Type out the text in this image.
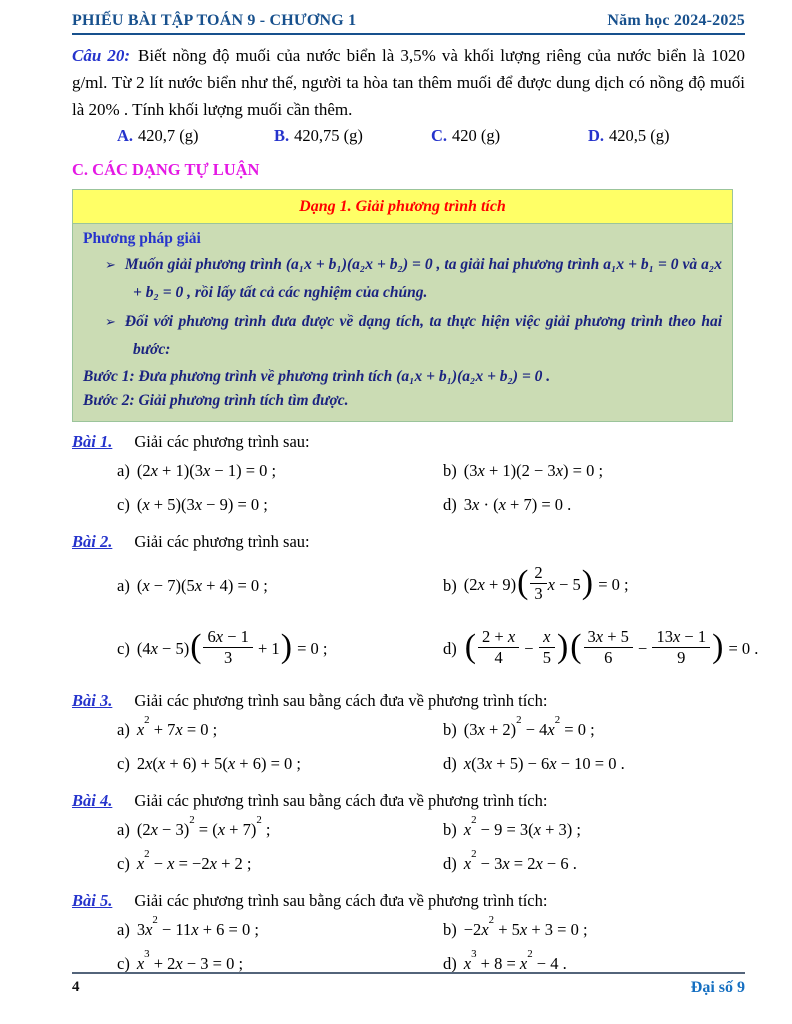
PHIẾU BÀI TẬP TOÁN 9 - CHƯƠNG 1	Năm học 2024-2025

Câu 20: Biết nồng độ muối của nước biển là 3,5% và khối lượng riêng của nước biển là 1020 g/ml. Từ 2 lít nước biển như thế, người ta hòa tan thêm muối để được dung dịch có nồng độ muối là 20% . Tính khối lượng muối cần thêm.

A. 420,7 (g)	B. 420,75 (g)	C. 420 (g)	D. 420,5 (g)
C. CÁC DẠNG TỰ LUẬN
Dạng 1. Giải phương trình tích
Phương pháp giải
➢ Muốn giải phương trình (a₁x + b₁)(a₂x + b₂) = 0 , ta giải hai phương trình a₁x + b₁ = 0 và a₂x + b₂ = 0 , rồi lấy tất cả các nghiệm của chúng.
➢ Đối với phương trình đưa được về dạng tích, ta thực hiện việc giải phương trình theo hai bước:
Bước 1: Đưa phương trình về phương trình tích (a₁x + b₁)(a₂x + b₂) = 0 .
Bước 2: Giải phương trình tích tìm được.
Bài 1. Giải các phương trình sau:
a) (2x + 1)(3x − 1) = 0 ;	b) (3x + 1)(2 − 3x) = 0 ;
c) (x + 5)(3x − 9) = 0 ;	d) 3x · (x + 7) = 0 .
Bài 2. Giải các phương trình sau:
a) (x − 7)(5x + 4) = 0 ;	b) $(2x + 9)( \frac{2}{3}$ x − 5) = 0 ;
c) $(4x - 5)( \frac{6x - 1}{3} + 1) = 0$ ;	d) ( $\frac{2 + x}{4} - \frac{x}{5}$ )( $\frac{3x + 5}{6} - \frac{13x - 1}{9}$ ) = 0 .
Bài 3. Giải các phương trình sau bằng cách đưa về phương trình tích:
a) $x^2 + 7x = 0$ ;	b) $(3x + 2)^2 - 4x^2 = 0$ ;
c) 2x(x + 6) + 5(x + 6) = 0 ;	d) x(3x + 5) − 6x − 10 = 0 .
Bài 4. Giải các phương trình sau bằng cách đưa về phương trình tích:
a) $(2x - 3)^2 = (x + 7)^2$ ;	b) $x^2 - 9 = 3(x + 3)$ ;
c) $x^2 - x = -2x + 2$ ;	d) $x^2 - 3x = 2x - 6$ .
Bài 5. Giải các phương trình sau bằng cách đưa về phương trình tích:
a) $3x^2 - 11x + 6 = 0$ ;	$b) -2x^2 + 5x + 3 = 0$ ;
c) $x^3 + 2x - 3 = 0$ ;	d) $x^3 + 8 = x^2 - 4$ .
4	Đại số 9
